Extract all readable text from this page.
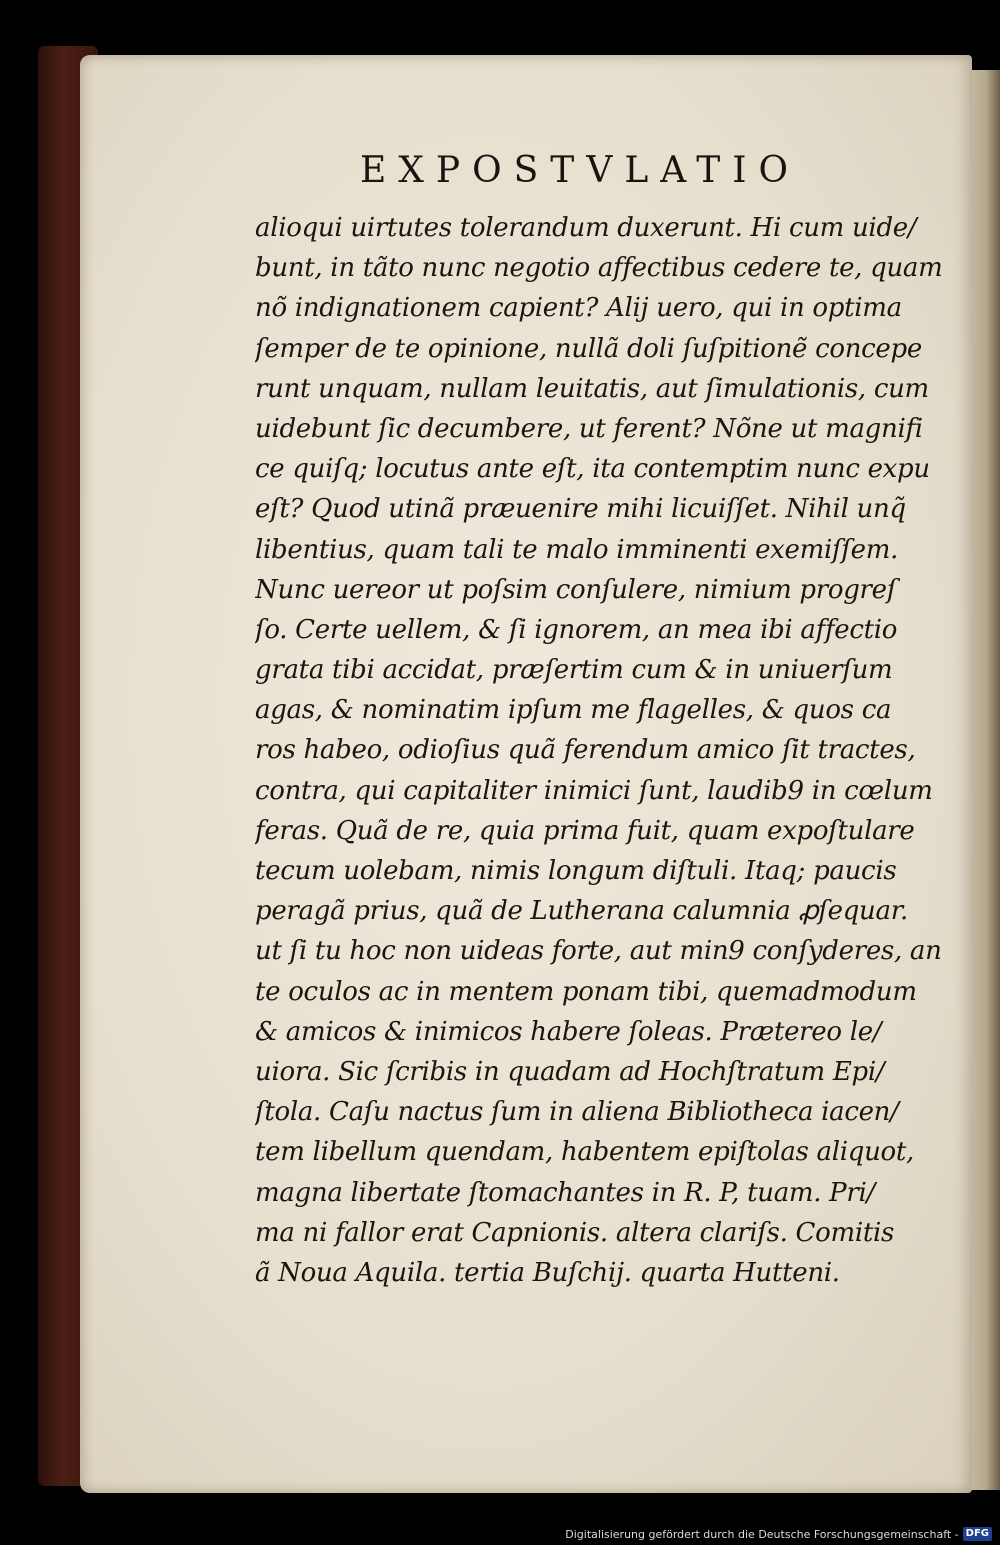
EXPOSTVLATIO
alioqui uirtutes tolerandum duxerunt. Hi cum uide/
bunt, in tãto nunc negotio affectibus cedere te, quam
nõ indignationem capient? Alij uero, qui in optima
ſemper de te opinione, nullã doli ſuſpitionẽ concepe
runt unquam, nullam leuitatis, aut ſimulationis, cum
uidebunt ſic decumbere, ut ferent? Nõne ut magnifi
ce quiſq; locutus ante eſt, ita contemptim nunc expu
eſt? Quod utinã præuenire mihi licuiſſet. Nihil unq̃
libentius, quam tali te malo imminenti exemiſſem.
Nunc uereor ut poſsim conſulere, nimium progreſ
ſo. Certe uellem, & ſi ignorem, an mea ibi affectio
grata tibi accidat, præſertim cum & in uniuerſum
agas, & nominatim ipſum me flagelles, & quos ca
ros habeo, odioſius quã ferendum amico ſit tractes,
contra, qui capitaliter inimici ſunt, laudib9 in cœlum
feras. Quã de re, quia prima fuit, quam expoſtulare
tecum uolebam, nimis longum diſtuli. Itaq; paucis
peragã prius, quã de Lutherana calumnia ꝓſequar.
ut ſi tu hoc non uideas forte, aut min9 conſyderes, an
te oculos ac in mentem ponam tibi, quemadmodum
& amicos & inimicos habere ſoleas. Prætereo le/
uiora. Sic ſcribis in quadam ad Hochſtratum Epi/
ſtola. Caſu nactus ſum in aliena Bibliotheca iacen/
tem libellum quendam, habentem epiſtolas aliquot,
magna libertate ſtomachantes in R. P, tuam. Pri/
ma ni fallor erat Capnionis. altera clariſs. Comitis
ã Noua Aquila. tertia Buſchij. quarta Hutteni.
Digitalisierung gefördert durch die Deutsche Forschungsgemeinschaft - DFG
